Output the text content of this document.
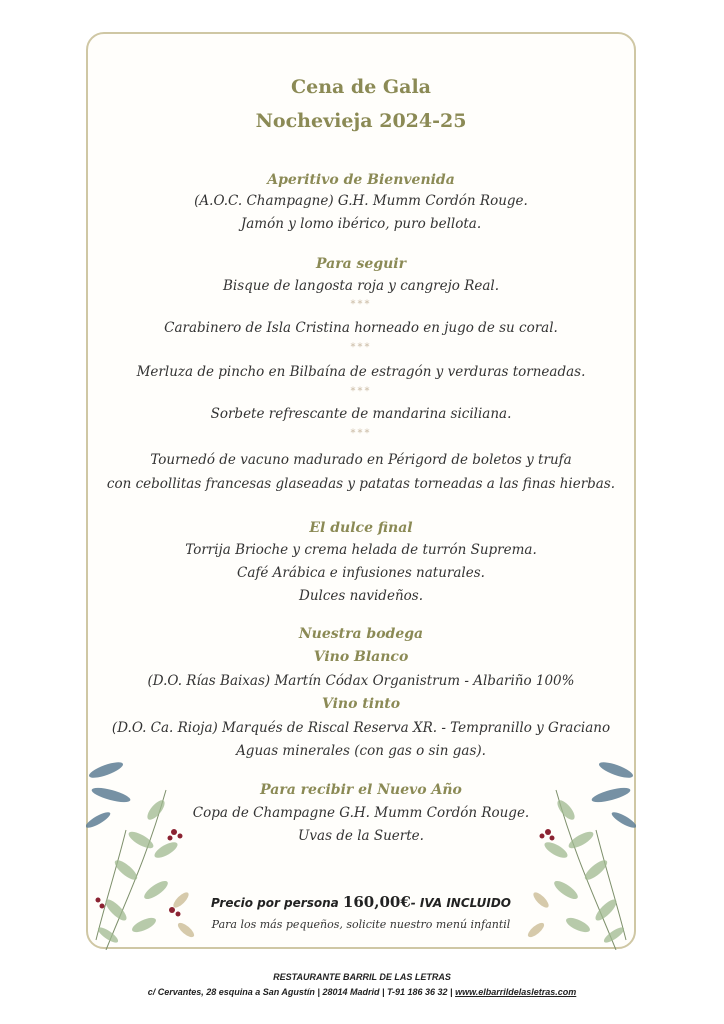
Cena de Gala
Nochevieja 2024-25
Aperitivo de Bienvenida
(A.O.C. Champagne) G.H. Mumm Cordón Rouge.
Jamón y lomo ibérico, puro bellota.
Para seguir
Bisque de langosta roja y cangrejo Real.
***
Carabinero de Isla Cristina horneado en jugo de su coral.
***
Merluza de pincho en Bilbaína de estragón y verduras torneadas.
***
Sorbete refrescante de mandarina siciliana.
***
Tournedó de vacuno madurado en Périgord de boletos y trufa
con cebollitas francesas glaseadas y patatas torneadas a las finas hierbas.
El dulce final
Torrija Brioche y crema helada de turrón Suprema.
Café Arábica e infusiones naturales.
Dulces navideños.
Nuestra bodega
Vino Blanco
(D.O. Rías Baixas) Martín Códax Organistrum - Albariño 100%
Vino tinto
(D.O. Ca. Rioja) Marqués de Riscal Reserva XR. - Tempranillo y Graciano
Aguas minerales (con gas o sin gas).
Para recibir el Nuevo Año
Copa de Champagne G.H. Mumm Cordón Rouge.
Uvas de la Suerte.
Precio por persona 160,00€- IVA INCLUIDO
Para los más pequeños, solicite nuestro menú infantil
RESTAURANTE BARRIL DE LAS LETRAS
c/ Cervantes, 28 esquina a San Agustín | 28014 Madrid | T-91 186 36 32 | www.elbarrildelasletras.com
